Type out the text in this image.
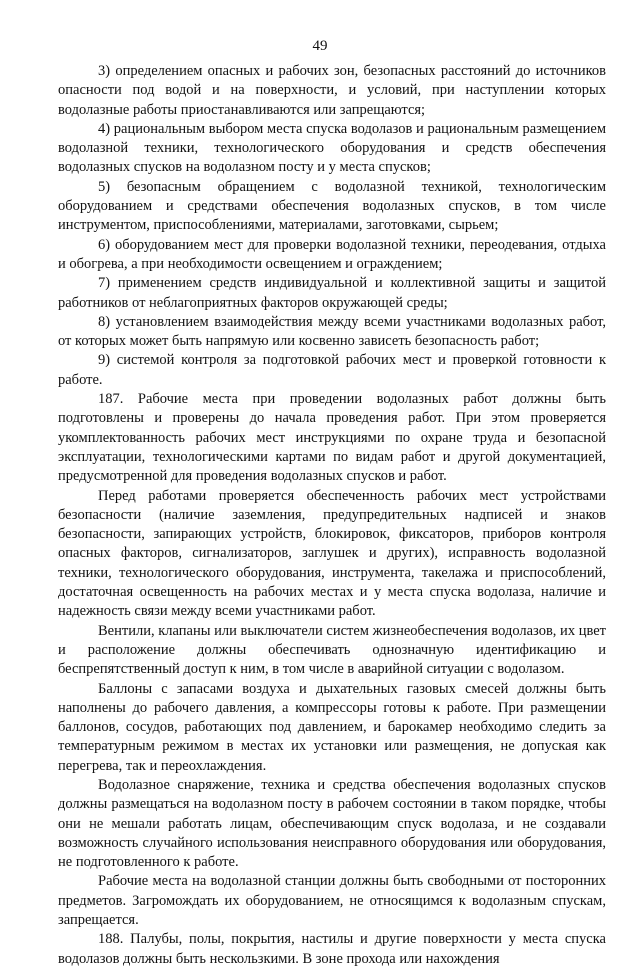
49

3) определением опасных и рабочих зон, безопасных расстояний до источников опасности под водой и на поверхности, и условий, при наступлении которых водолазные работы приостанавливаются или запрещаются;

4) рациональным выбором места спуска водолазов и рациональным размещением водолазной техники, технологического оборудования и средств обеспечения водолазных спусков на водолазном посту и у места спусков;

5) безопасным обращением с водолазной техникой, технологическим оборудованием и средствами обеспечения водолазных спусков, в том числе инструментом, приспособлениями, материалами, заготовками, сырьем;

6) оборудованием мест для проверки водолазной техники, переодевания, отдыха и обогрева, а при необходимости освещением и ограждением;

7) применением средств индивидуальной и коллективной защиты и защитой работников от неблагоприятных факторов окружающей среды;

8) установлением взаимодействия между всеми участниками водолазных работ, от которых может быть напрямую или косвенно зависеть безопасность работ;

9) системой контроля за подготовкой рабочих мест и проверкой готовности к работе.

187. Рабочие места при проведении водолазных работ должны быть подготовлены и проверены до начала проведения работ. При этом проверяется укомплектованность рабочих мест инструкциями по охране труда и безопасной эксплуатации, технологическими картами по видам работ и другой документацией, предусмотренной для проведения водолазных спусков и работ.

Перед работами проверяется обеспеченность рабочих мест устройствами безопасности (наличие заземления, предупредительных надписей и знаков безопасности, запирающих устройств, блокировок, фиксаторов, приборов контроля опасных факторов, сигнализаторов, заглушек и других), исправность водолазной техники, технологического оборудования, инструмента, такелажа и приспособлений, достаточная освещенность на рабочих местах и у места спуска водолаза, наличие и надежность связи между всеми участниками работ.

Вентили, клапаны или выключатели систем жизнеобеспечения водолазов, их цвет и расположение должны обеспечивать однозначную идентификацию и беспрепятственный доступ к ним, в том числе в аварийной ситуации с водолазом.

Баллоны с запасами воздуха и дыхательных газовых смесей должны быть наполнены до рабочего давления, а компрессоры готовы к работе. При размещении баллонов, сосудов, работающих под давлением, и барокамер необходимо следить за температурным режимом в местах их установки или размещения, не допуская как перегрева, так и переохлаждения.

Водолазное снаряжение, техника и средства обеспечения водолазных спусков должны размещаться на водолазном посту в рабочем состоянии в таком порядке, чтобы они не мешали работать лицам, обеспечивающим спуск водолаза, и не создавали возможность случайного использования неисправного оборудования или оборудования, не подготовленного к работе.

Рабочие места на водолазной станции должны быть свободными от посторонних предметов. Загромождать их оборудованием, не относящимся к водолазным спускам, запрещается.

188. Палубы, полы, покрытия, настилы и другие поверхности у места спуска водолазов должны быть нескользкими. В зоне прохода или нахождения
